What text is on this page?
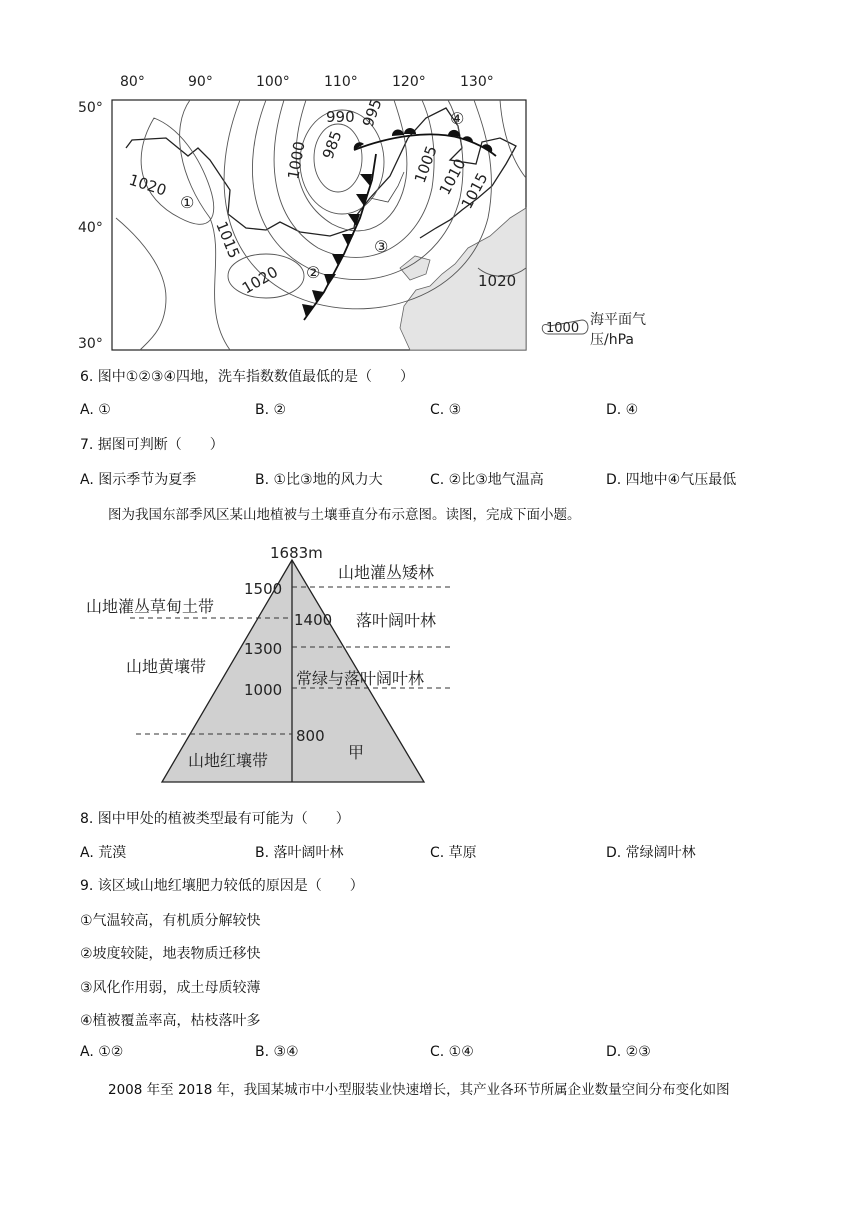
80°	90°	100° 110° 120° 130°
50°
40°
30°
990 995
985
1000	1005
1010
1015
1020
1015
1020	1020
①
②
③
④
1000
海平面气
压/hPa
6. 图中①②③④四地，洗车指数数值最低的是（　　）
A. ①	B. ②	C. ③	D. ④
7. 据图可判断（　　）
A. 图示季节为夏季	B. ①比③地的风力大	C. ②比③地气温高	D. 四地中④气压最低
图为我国东部季风区某山地植被与土壤垂直分布示意图。读图，完成下面小题。
1683m
1500
1400
1300
1000
800
山地灌丛矮林
落叶阔叶林
常绿与落叶阔叶林
甲
山地灌丛草甸土带
山地黄壤带
山地红壤带
8. 图中甲处的植被类型最有可能为（　　）
A. 荒漠	B. 落叶阔叶林	C. 草原	D. 常绿阔叶林
9. 该区域山地红壤肥力较低的原因是（　　）
①气温较高，有机质分解较快
②坡度较陡，地表物质迁移快
③风化作用弱，成土母质较薄
④植被覆盖率高，枯枝落叶多
A. ①②	B. ③④	C. ①④	D. ②③
2008 年至 2018 年，我国某城市中小型服装业快速增长，其产业各环节所属企业数量空间分布变化如图
